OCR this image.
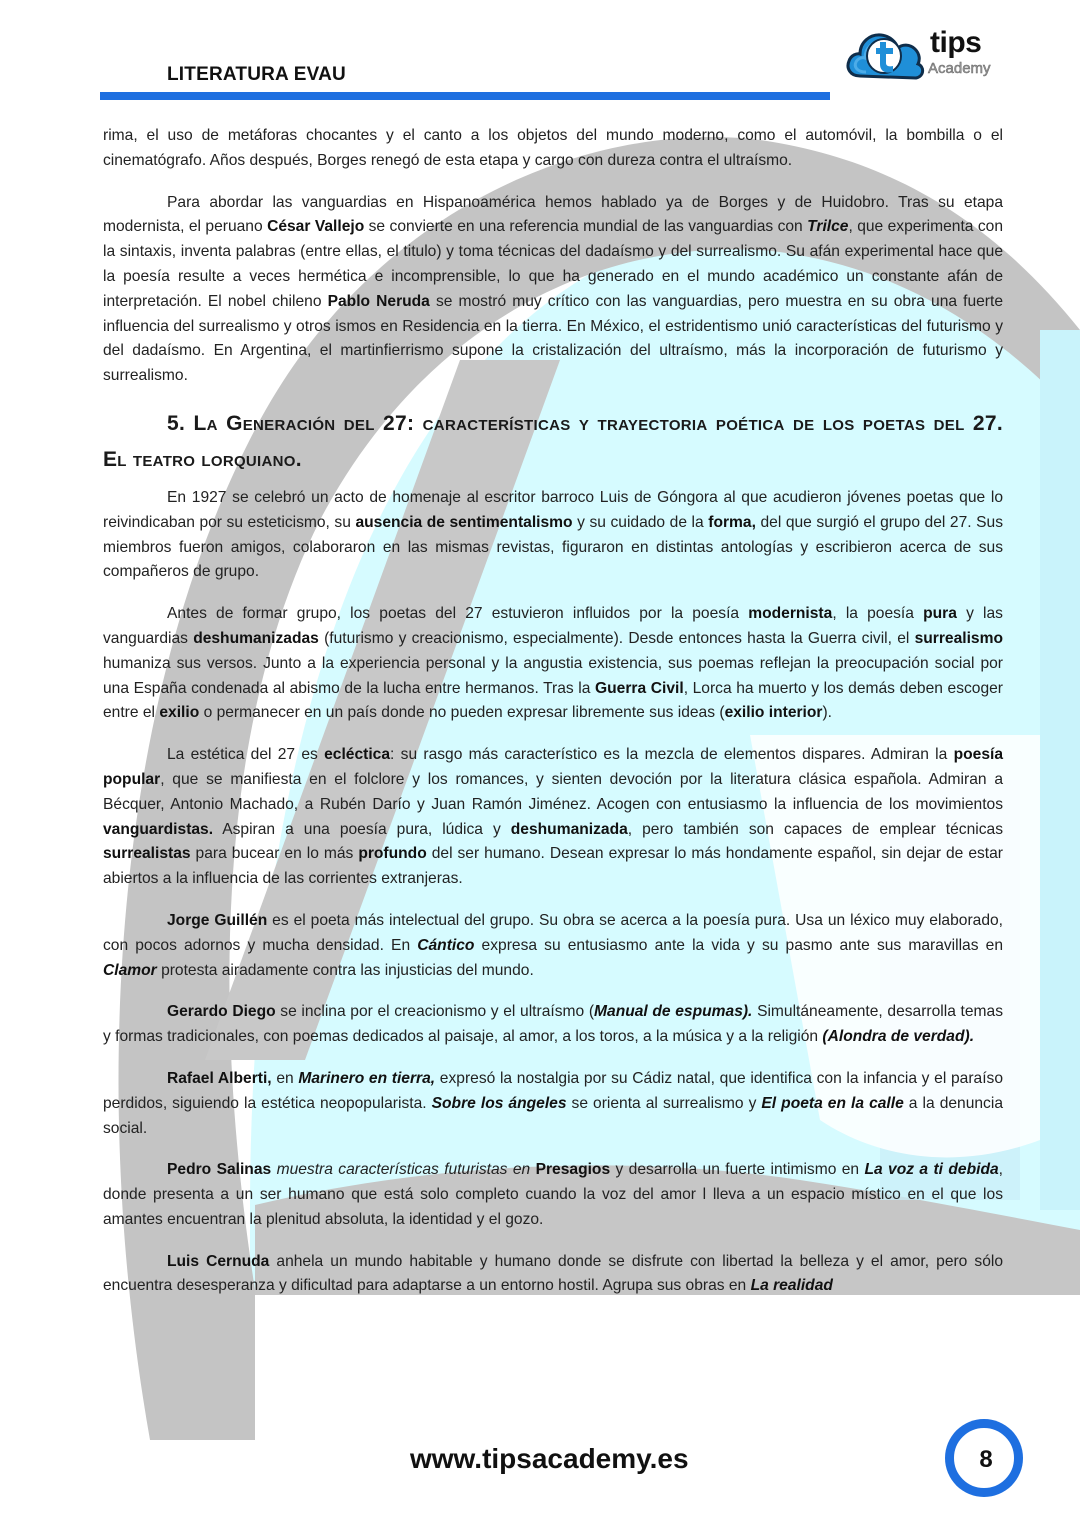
LITERATURA EVAU
tips
Academy

rima, el uso de metáforas chocantes y el canto a los objetos del mundo moderno, como el automóvil, la bombilla o el cinematógrafo. Años después, Borges renegó de esta etapa y cargo con dureza contra el ultraísmo.

Para abordar las vanguardias en Hispanoamérica hemos hablado ya de Borges y de Huidobro. Tras su etapa modernista, el peruano César Vallejo se convierte en una referencia mundial de las vanguardias con Trilce, que experimenta con la sintaxis, inventa palabras (entre ellas, el titulo) y toma técnicas del dadaísmo y del surrealismo. Su afán experimental hace que la poesía resulte a veces hermética e incomprensible, lo que ha generado en el mundo académico un constante afán de interpretación. El nobel chileno Pablo Neruda se mostró muy crítico con las vanguardias, pero muestra en su obra una fuerte influencia del surrealismo y otros ismos en Residencia en la tierra. En México, el estridentismo unió características del futurismo y del dadaísmo. En Argentina, el martinfierrismo supone la cristalización del ultraísmo, más la incorporación de futurismo y surrealismo.

5. La Generación del 27: características y trayectoria poética de los poetas del 27. El teatro lorquiano.

En 1927 se celebró un acto de homenaje al escritor barroco Luis de Góngora al que acudieron jóvenes poetas que lo reivindicaban por su esteticismo, su ausencia de sentimentalismo y su cuidado de la forma, del que surgió el grupo del 27. Sus miembros fueron amigos, colaboraron en las mismas revistas, figuraron en distintas antologías y escribieron acerca de sus compañeros de grupo.

Antes de formar grupo, los poetas del 27 estuvieron influidos por la poesía modernista, la poesía pura y las vanguardias deshumanizadas (futurismo y creacionismo, especialmente). Desde entonces hasta la Guerra civil, el surrealismo humaniza sus versos. Junto a la experiencia personal y la angustia existencia, sus poemas reflejan la preocupación social por una España condenada al abismo de la lucha entre hermanos. Tras la Guerra Civil, Lorca ha muerto y los demás deben escoger entre el exilio o permanecer en un país donde no pueden expresar libremente sus ideas (exilio interior).

La estética del 27 es ecléctica: su rasgo más característico es la mezcla de elementos dispares. Admiran la poesía popular, que se manifiesta en el folclore y los romances, y sienten devoción por la literatura clásica española. Admiran a Bécquer, Antonio Machado, a Rubén Darío y Juan Ramón Jiménez. Acogen con entusiasmo la influencia de los movimientos vanguardistas. Aspiran a una poesía pura, lúdica y deshumanizada, pero también son capaces de emplear técnicas surrealistas para bucear en lo más profundo del ser humano. Desean expresar lo más hondamente español, sin dejar de estar abiertos a la influencia de las corrientes extranjeras.

Jorge Guillén es el poeta más intelectual del grupo. Su obra se acerca a la poesía pura. Usa un léxico muy elaborado, con pocos adornos y mucha densidad. En Cántico expresa su entusiasmo ante la vida y su pasmo ante sus maravillas en Clamor protesta airadamente contra las injusticias del mundo.

Gerardo Diego se inclina por el creacionismo y el ultraísmo (Manual de espumas). Simultáneamente, desarrolla temas y formas tradicionales, con poemas dedicados al paisaje, al amor, a los toros, a la música y a la religión (Alondra de verdad).

Rafael Alberti, en Marinero en tierra, expresó la nostalgia por su Cádiz natal, que identifica con la infancia y el paraíso perdidos, siguiendo la estética neopopularista. Sobre los ángeles se orienta al surrealismo y El poeta en la calle a la denuncia social.

Pedro Salinas muestra características futuristas en Presagios y desarrolla un fuerte intimismo en La voz a ti debida, donde presenta a un ser humano que está solo completo cuando la voz del amor l lleva a un espacio místico en el que los amantes encuentran la plenitud absoluta, la identidad y el gozo.

Luis Cernuda anhela un mundo habitable y humano donde se disfrute con libertad la belleza y el amor, pero sólo encuentra desesperanza y dificultad para adaptarse a un entorno hostil. Agrupa sus obras en La realidad

www.tipsacademy.es	8
